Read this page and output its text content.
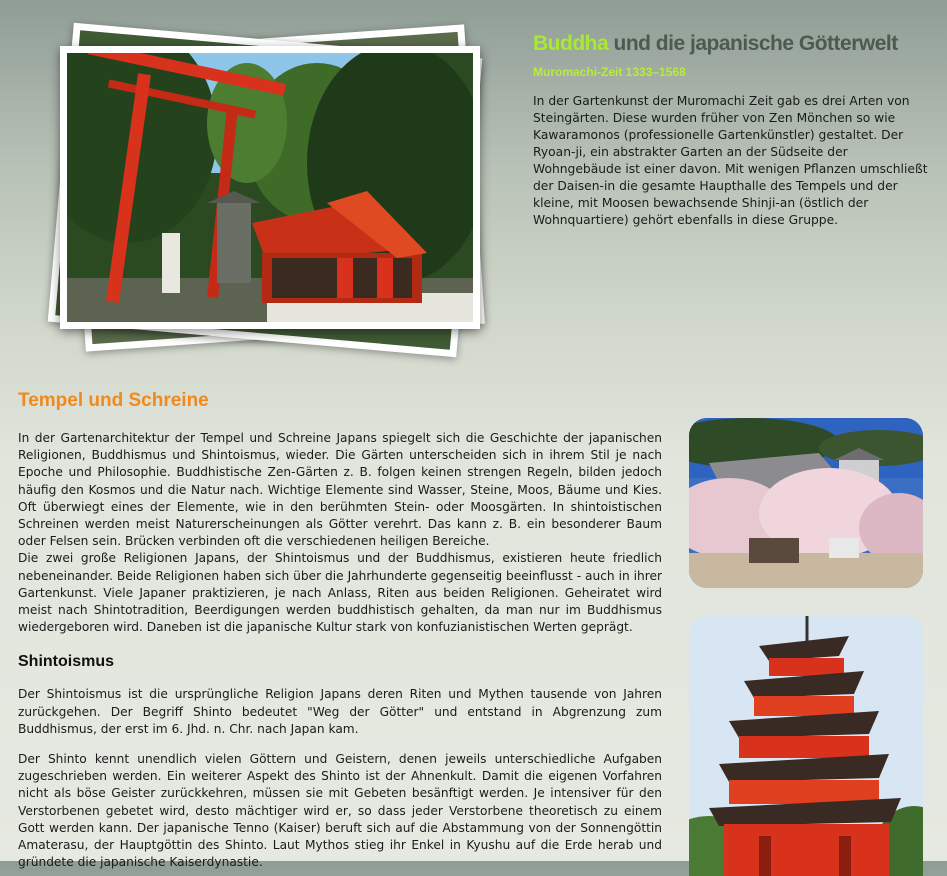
Buddha und die japanische Götterwelt
Muromachi-Zeit 1333–1568

In der Gartenkunst der Muromachi Zeit gab es drei Arten von Steingärten. Diese wurden früher von Zen Mönchen so wie Kawaramonos (professionelle Gartenkünstler) gestaltet. Der Ryoan-ji, ein abstrakter Garten an der Südseite der Wohngebäude ist einer davon. Mit wenigen Pflanzen umschließt der Daisen-in die gesamte Haupthalle des Tempels und der kleine, mit Moosen bewachsende Shinji-an (östlich der Wohnquartiere) gehört ebenfalls in diese Gruppe.

Tempel und Schreine

In der Gartenarchitektur der Tempel und Schreine Japans spiegelt sich die Geschichte der japanischen Religionen, Buddhismus und Shintoismus, wieder. Die Gärten unterscheiden sich in ihrem Stil je nach Epoche und Philosophie. Buddhistische Zen-Gärten z. B. folgen keinen strengen Regeln, bilden jedoch häufig den Kosmos und die Natur nach. Wichtige Elemente sind Wasser, Steine, Moos, Bäume und Kies. Oft überwiegt eines der Elemente, wie in den berühmten Stein- oder Moosgärten. In shintoistischen Schreinen werden meist Naturerscheinungen als Götter verehrt. Das kann z. B. ein besonderer Baum oder Felsen sein. Brücken verbinden oft die verschiedenen heiligen Bereiche.

Die zwei große Religionen Japans, der Shintoismus und der Buddhismus, existieren heute friedlich nebeneinander. Beide Religionen haben sich über die Jahrhunderte gegenseitig beeinflusst - auch in ihrer Gartenkunst. Viele Japaner praktizieren, je nach Anlass, Riten aus beiden Religionen. Geheiratet wird meist nach Shintotradition, Beerdigungen werden buddhistisch gehalten, da man nur im Buddhismus wiedergeboren wird. Daneben ist die japanische Kultur stark von konfuzianistischen Werten geprägt.

Shintoismus

Der Shintoismus ist die ursprüngliche Religion Japans deren Riten und Mythen tausende von Jahren zurückgehen. Der Begriff Shinto bedeutet "Weg der Götter" und entstand in Abgrenzung zum Buddhismus, der erst im 6. Jhd. n. Chr. nach Japan kam.

Der Shinto kennt unendlich vielen Göttern und Geistern, denen jeweils unterschiedliche Aufgaben zugeschrieben werden. Ein weiterer Aspekt des Shinto ist der Ahnenkult. Damit die eigenen Vorfahren nicht als böse Geister zurückkehren, müssen sie mit Gebeten besänftigt werden. Je intensiver für den Verstorbenen gebetet wird, desto mächtiger wird er, so dass jeder Verstorbene theoretisch zu einem Gott werden kann. Der japanische Tenno (Kaiser) beruft sich auf die Abstammung von der Sonnengöttin Amaterasu, der Hauptgöttin des Shinto. Laut Mythos stieg ihr Enkel in Kyushu auf die Erde herab und gründete die japanische Kaiserdynastie.
